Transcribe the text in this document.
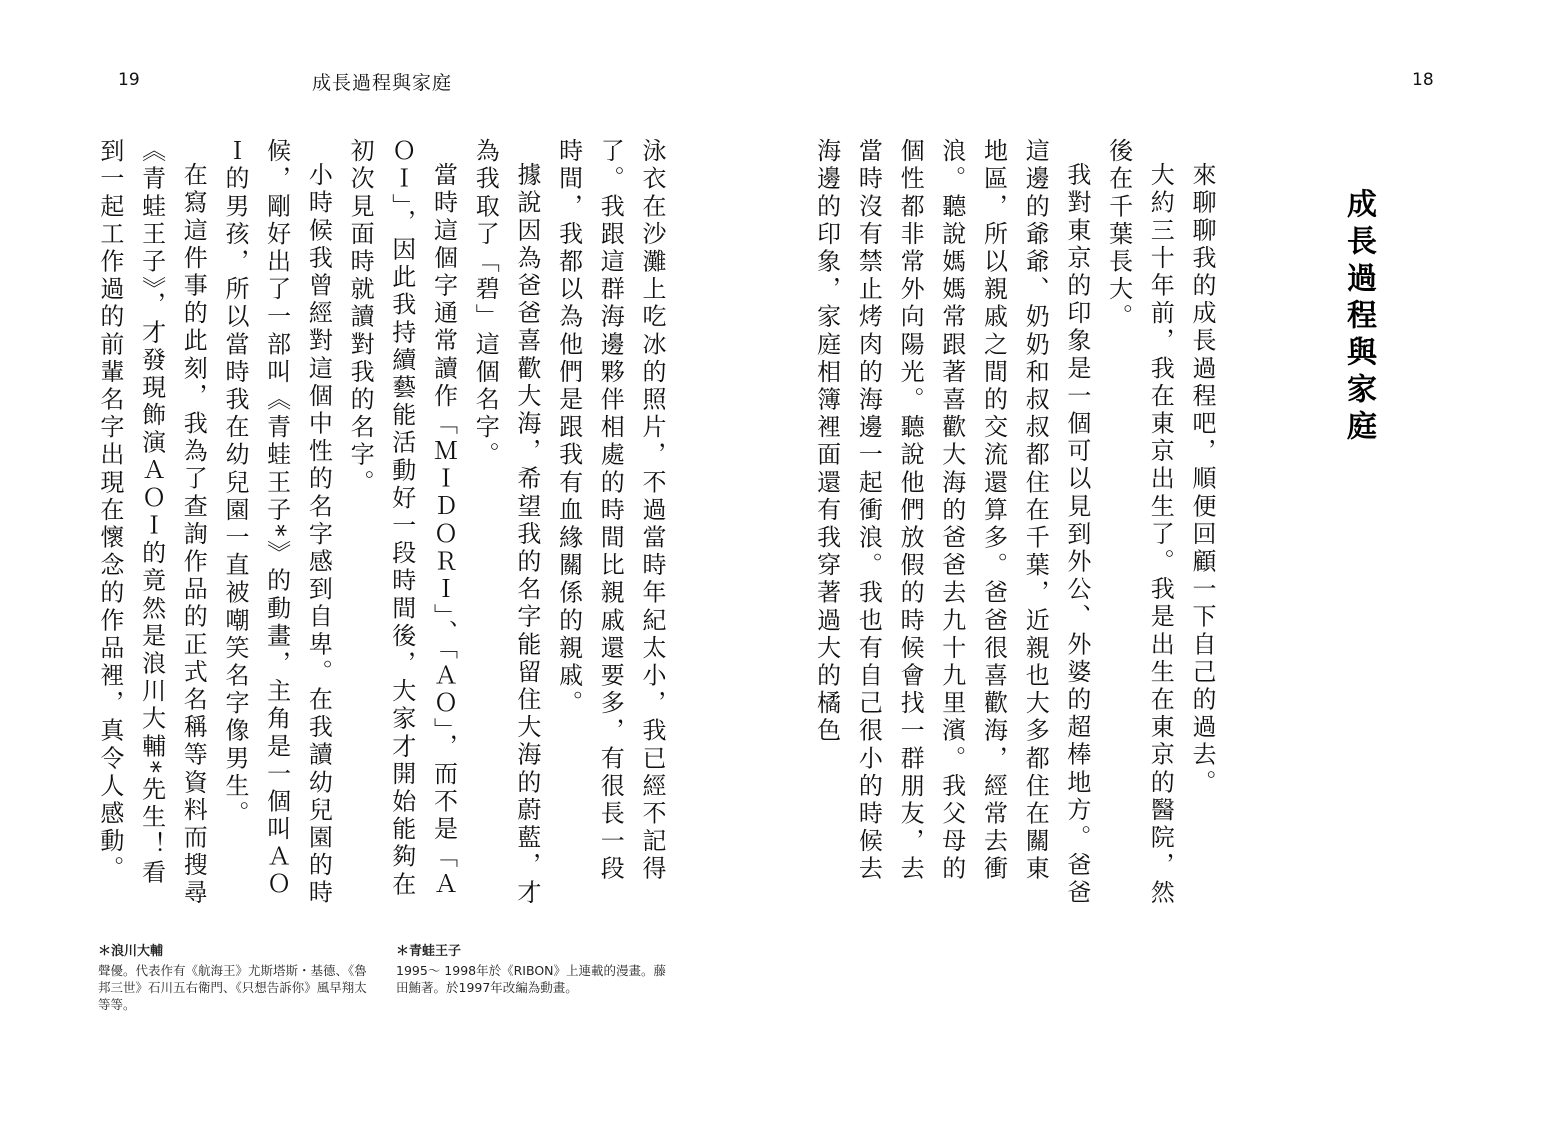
19	成長過程與家庭

泳衣在沙灘上吃冰的照片，不過當時年紀太小，我已經不記得了。我跟這群海邊夥伴相處的時間比親戚還要多，有很長一段時間，我都以為他們是跟我有血緣關係的親戚。

據說因為爸爸喜歡大海，希望我的名字能留住大海的蔚藍，才為我取了「碧」這個名字。

當時這個字通常讀作「ＭＩＤＯＲＩ」、「ＡＯ」，而不是「ＡＯＩ」，因此我持續藝能活動好一段時間後，大家才開始能夠在初次見面時就讀對我的名字。

小時候我曾經對這個中性的名字感到自卑。在我讀幼兒園的時候，剛好出了一部叫《青蛙王子*》的動畫，主角是一個叫ＡＯＩ的男孩，所以當時我在幼兒園一直被嘲笑名字像男生。

在寫這件事的此刻，我為了查詢作品的正式名稱等資料而搜尋《青蛙王子》，才發現飾演ＡＯＩ的竟然是浪川大輔*先生！看到一起工作過的前輩名字出現在懷念的作品裡，真令人感動。

＊浪川大輔
聲優。代表作有《航海王》尤斯塔斯・基德、《魯邦三世》石川五右衛門、《只想告訴你》風早翔太等等。
＊青蛙王子
1995～ 1998年於《RIBON》上連載的漫畫。藤田鮪著。於1997年改編為動畫。
18
成長過程與家庭

來聊聊我的成長過程吧，順便回顧一下自己的過去。

大約三十年前，我在東京出生了。我是出生在東京的醫院，然後在千葉長大。

我對東京的印象是一個可以見到外公、外婆的超棒地方。爸爸這邊的爺爺、奶奶和叔叔都住在千葉，近親也大多都住在關東地區，所以親戚之間的交流還算多。爸爸很喜歡海，經常去衝浪。聽說媽媽常跟著喜歡大海的爸爸去九十九里濱。我父母的個性都非常外向陽光。聽說他們放假的時候會找一群朋友，去當時沒有禁止烤肉的海邊一起衝浪。我也有自己很小的時候去海邊的印象，家庭相簿裡面還有我穿著過大的橘色
